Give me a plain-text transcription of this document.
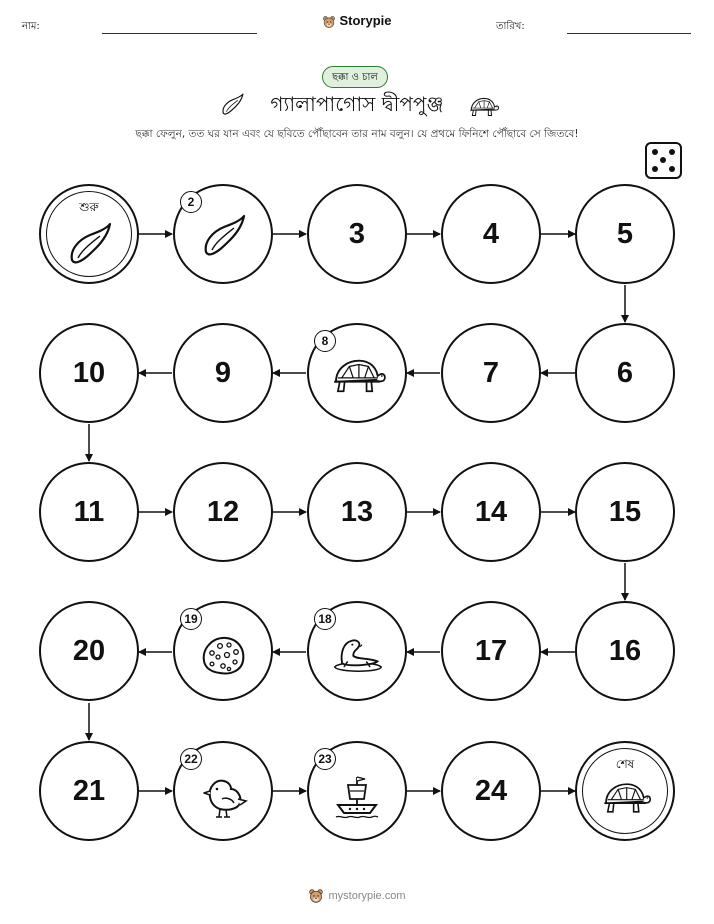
নাম:	Storypie	তারিখ:
ছক্কা ও চাল
গ্যালাপাগোস দ্বীপপুঞ্জ
ছক্কা ফেলুন, তত ঘর যান এবং যে ছবিতে পৌঁছাবেন তার নাম বলুন। যে প্রথমে ফিনিশে পৌঁছাবে সে জিতবে!
শুরু	2
3	4	5
10	9
8
7	6
11	12	13	14	15
20
19	18
17	16
21
22	23
24
শেষ
mystorypie.com
